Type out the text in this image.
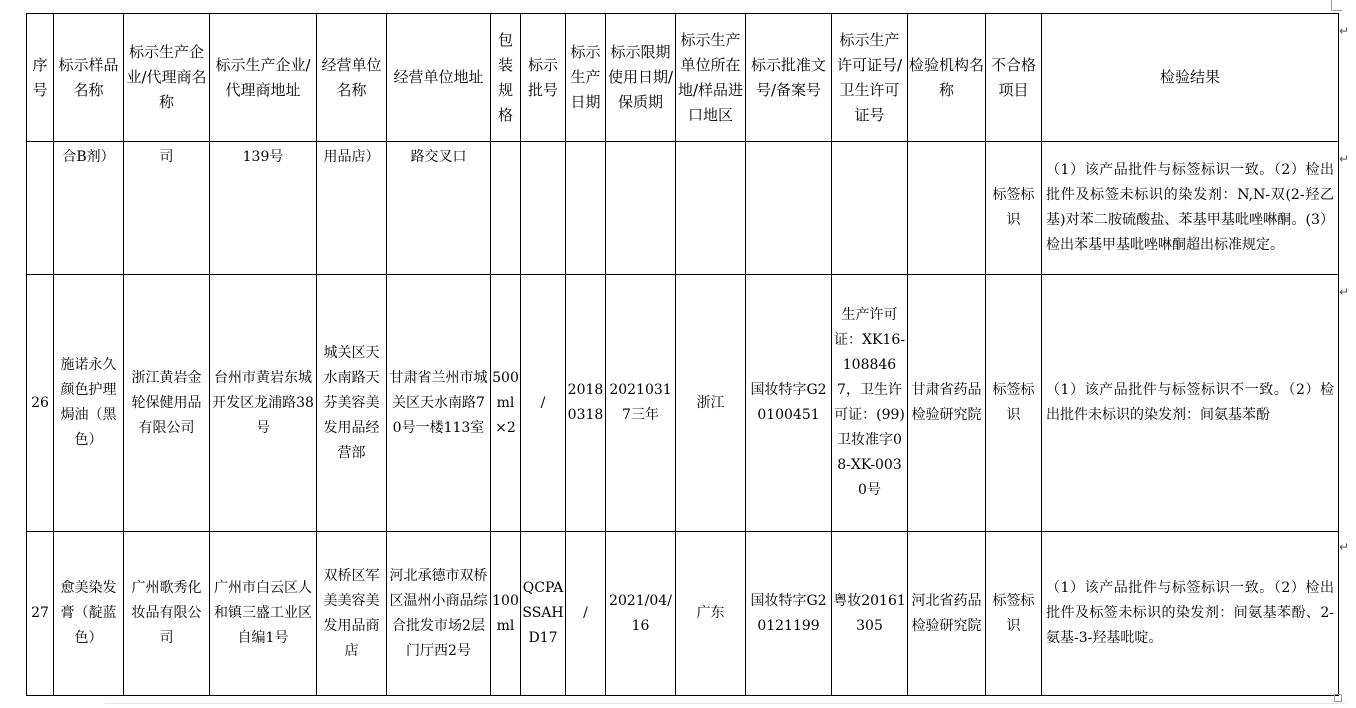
序号	标示样品名称	标示生产企业/代理商名称	标示生产企业/代理商地址	经营单位名称	经营单位地址	包装规格	标示批号	标示生产日期	标示限期使用日期/保质期	标示生产单位所在地/样品进口地区	标示批准文号/备案号	标示生产许可证号/卫生许可证号	检验机构名称	不合格项目	检验结果
	合B剂）	司	139号	用品店）	路交叉口									标签标识	（1）该产品批件与标签标识一致。（2）检出批件及标签未标识的染发剂：N,N-双(2-羟乙基)对苯二胺硫酸盐、苯基甲基吡唑啉酮。(3）检出苯基甲基吡唑啉酮超出标准规定。
26	施诺永久颜色护理焗油（黑色）	浙江黄岩金轮保健用品有限公司	台州市黄岩东城开发区龙浦路38号	城关区天水南路天芬美容美发用品经营部	甘肃省兰州市城关区天水南路70号一楼113室	500ml×2	/	20180318	20210317三年	浙江	国妆特字G20100451	生产许可证：XK16-1088467，卫生许可证：(99)卫妆准字08-XK-0030号	甘肃省药品检验研究院	标签标识	（1）该产品批件与标签标识不一致。（2）检出批件未标识的染发剂：间氨基苯酚
27	愈美染发膏（靛蓝色）	广州歌秀化妆品有限公司	广州市白云区人和镇三盛工业区自编1号	双桥区军美美容美发用品商店	河北承德市双桥区温州小商品综合批发市场2层门厅西2号	100ml	QCPASSAHD17	/	2021/04/16	广东	国妆特字G20121199	粤妆20161305	河北省药品检验研究院	标签标识	（1）该产品批件与标签标识一致。（2）检出批件及标签未标识的染发剂：间氨基苯酚、2-氨基-3-羟基吡啶。
↵
↵
↵
↵
